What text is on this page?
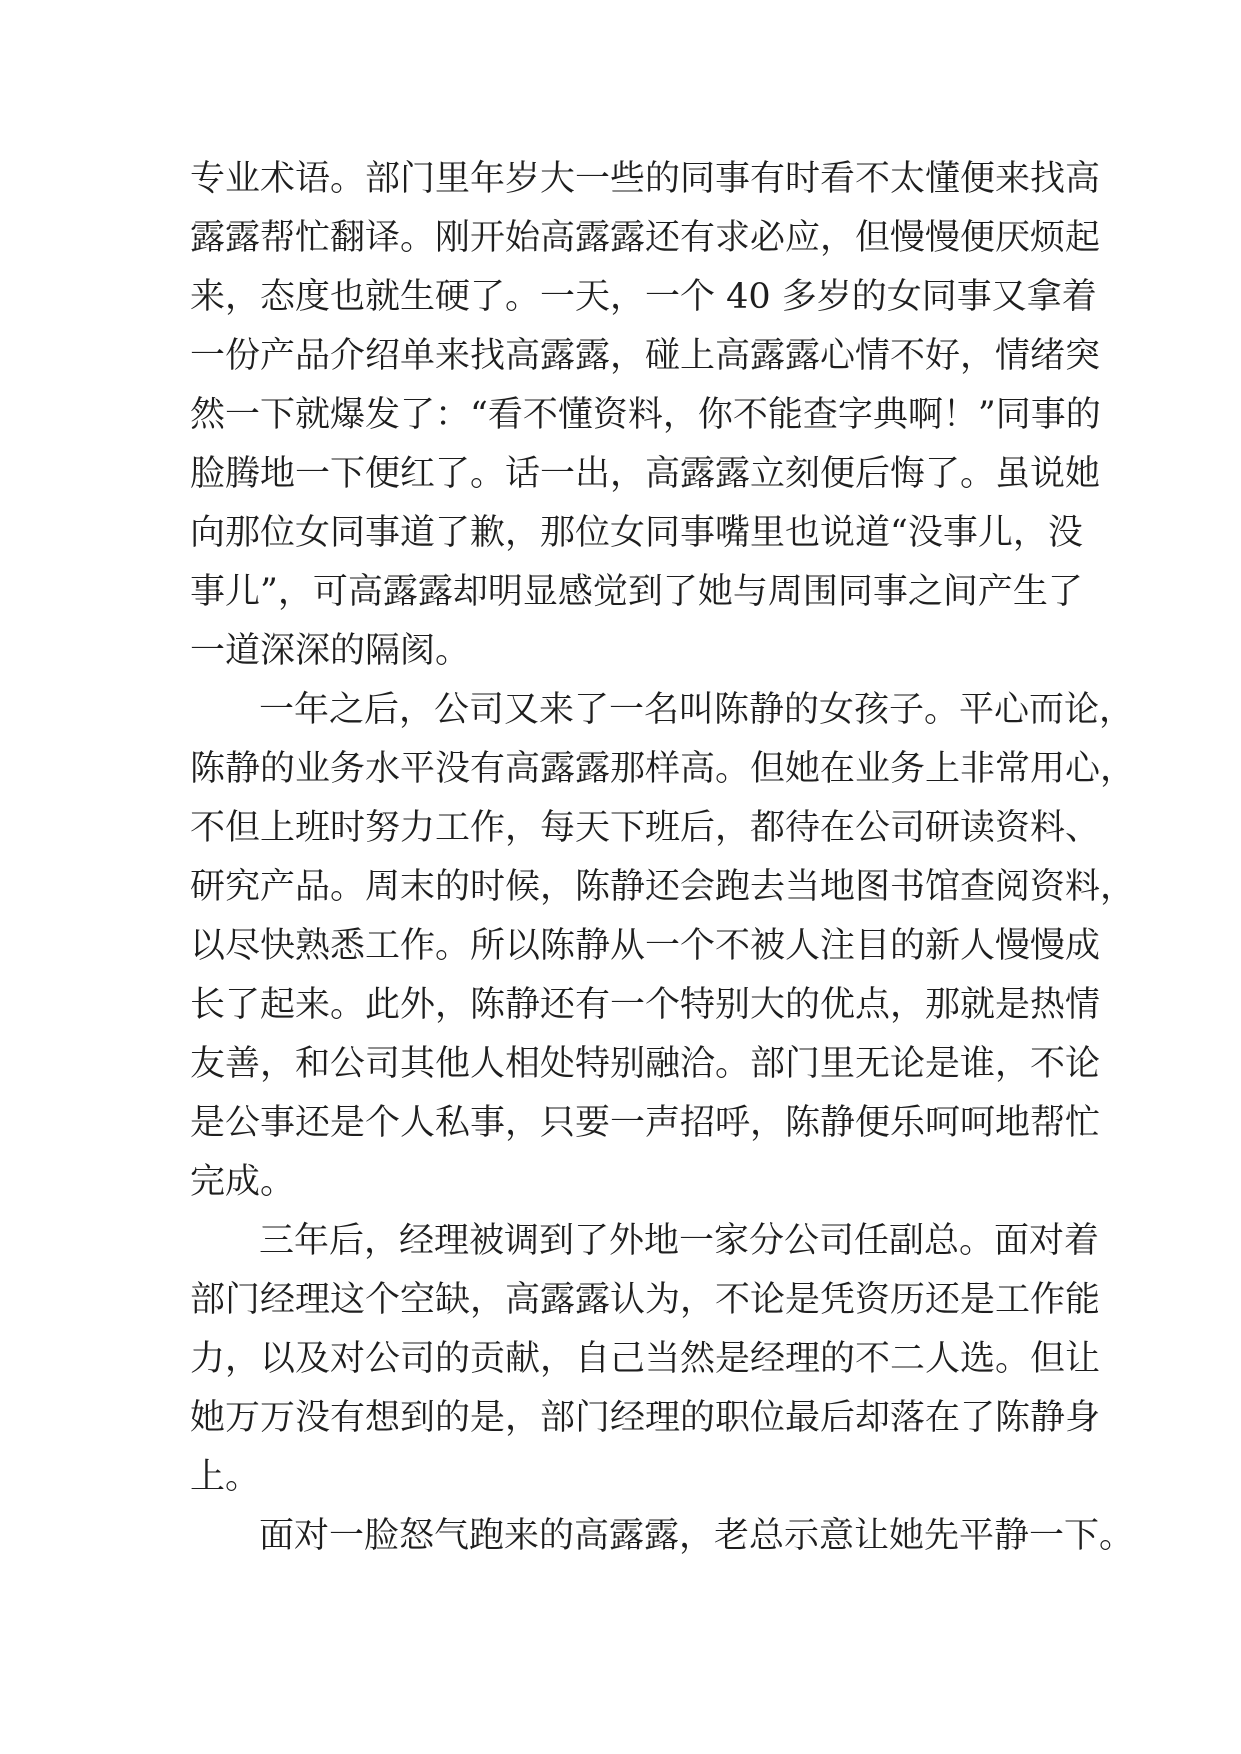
专业术语。部门里年岁大一些的同事有时看不太懂便来找高
露露帮忙翻译。刚开始高露露还有求必应，但慢慢便厌烦起
来，态度也就生硬了。一天，一个 40 多岁的女同事又拿着
一份产品介绍单来找高露露，碰上高露露心情不好，情绪突
然一下就爆发了：“看不懂资料，你不能查字典啊！”同事的
脸腾地一下便红了。话一出，高露露立刻便后悔了。虽说她
向那位女同事道了歉，那位女同事嘴里也说道“没事儿，没
事儿”，可高露露却明显感觉到了她与周围同事之间产生了
一道深深的隔阂。
一年之后，公司又来了一名叫陈静的女孩子。平心而论，
陈静的业务水平没有高露露那样高。但她在业务上非常用心，
不但上班时努力工作，每天下班后，都待在公司研读资料、
研究产品。周末的时候，陈静还会跑去当地图书馆查阅资料，
以尽快熟悉工作。所以陈静从一个不被人注目的新人慢慢成
长了起来。此外，陈静还有一个特别大的优点，那就是热情
友善，和公司其他人相处特别融洽。部门里无论是谁，不论
是公事还是个人私事，只要一声招呼，陈静便乐呵呵地帮忙
完成。
三年后，经理被调到了外地一家分公司任副总。面对着
部门经理这个空缺，高露露认为，不论是凭资历还是工作能
力，以及对公司的贡献，自己当然是经理的不二人选。但让
她万万没有想到的是，部门经理的职位最后却落在了陈静身
上。
面对一脸怒气跑来的高露露，老总示意让她先平静一下。
